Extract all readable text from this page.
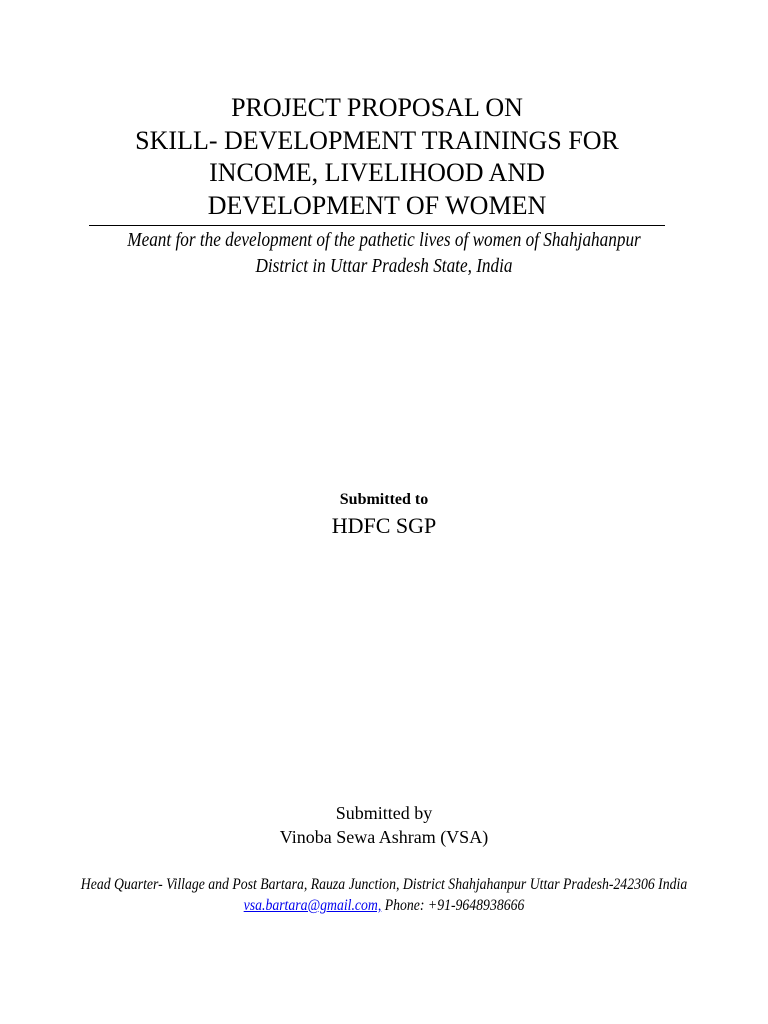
PROJECT PROPOSAL ON
SKILL- DEVELOPMENT TRAININGS FOR
INCOME, LIVELIHOOD AND
DEVELOPMENT OF WOMEN
Meant for the development of the pathetic lives of women of Shahjahanpur
District in Uttar Pradesh State, India
Submitted to
HDFC SGP
Submitted by
Vinoba Sewa Ashram (VSA)
Head Quarter- Village and Post Bartara, Rauza Junction, District Shahjahanpur Uttar Pradesh-242306 India
vsa.bartara@gmail.com, Phone: +91-9648938666
